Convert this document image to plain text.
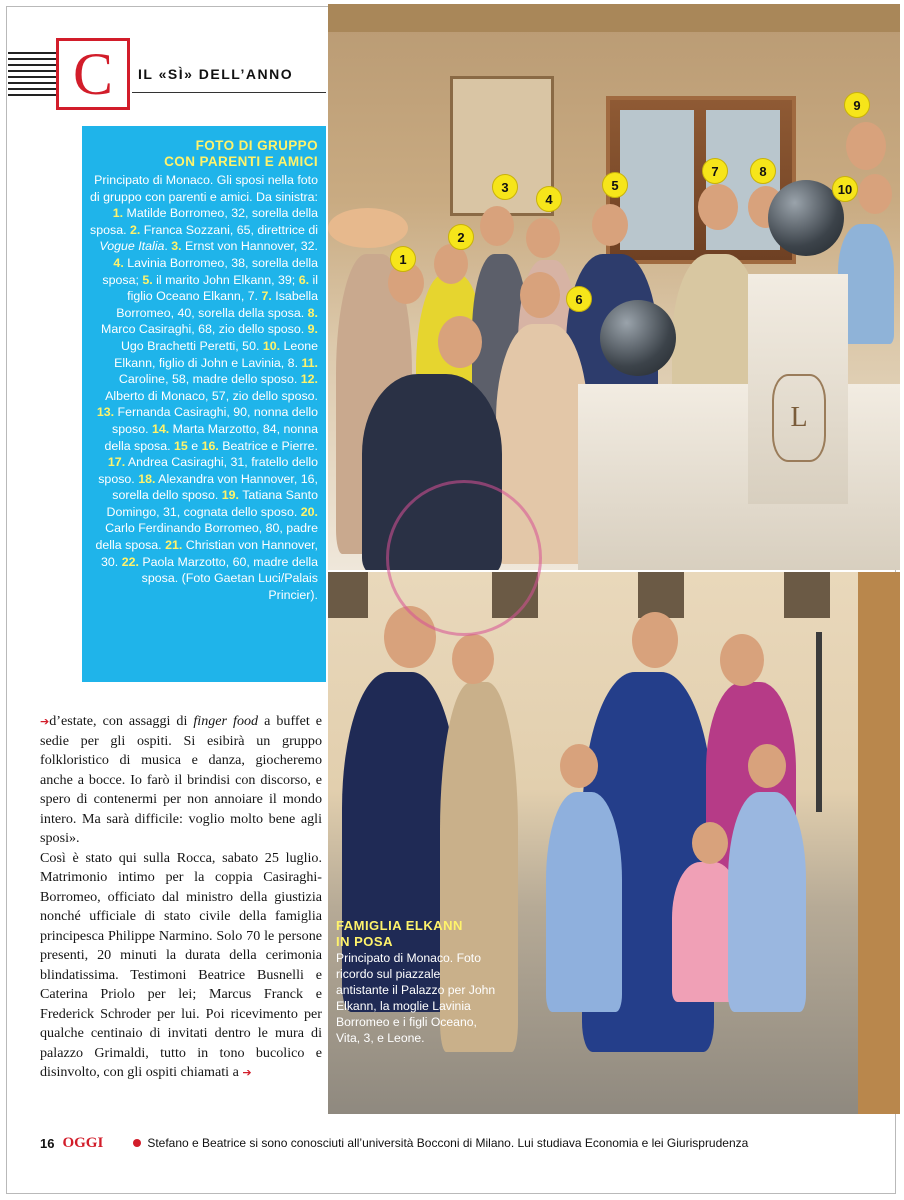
C IL «SÌ» DELL’ANNO
FOTO DI GRUPPO
CON PARENTI E AMICI
Principato di Monaco. Gli sposi nella foto di gruppo con parenti e amici. Da sinistra: 1. Matilde Borromeo, 32, sorella della sposa. 2. Franca Sozzani, 65, direttrice di Vogue Italia. 3. Ernst von Hannover, 32. 4. Lavinia Borromeo, 38, sorella della sposa; 5. il marito John Elkann, 39; 6. il figlio Oceano Elkann, 7. 7. Isabella Borromeo, 40, sorella della sposa. 8. Marco Casiraghi, 68, zio dello sposo. 9. Ugo Brachetti Peretti, 50. 10. Leone Elkann, figlio di John e Lavinia, 8. 11. Caroline, 58, madre dello sposo. 12. Alberto di Monaco, 57, zio dello sposo. 13. Fernanda Casiraghi, 90, nonna dello sposo. 14. Marta Marzotto, 84, nonna della sposa. 15 e 16. Beatrice e Pierre. 17. Andrea Casiraghi, 31, fratello dello sposo. 18. Alexandra von Hannover, 16, sorella dello sposo. 19. Tatiana Santo Domingo, 31, cognata dello sposo. 20. Carlo Ferdinando Borromeo, 80, padre della sposa. 21. Christian von Hannover, 30. 22. Paola Marzotto, 60, madre della sposa. (Foto Gaetan Luci/Palais Princier).

➔d’estate, con assaggi di finger food a buffet e sedie per gli ospiti. Si esibirà un gruppo folkloristico di musica e danza, giocheremo anche a bocce. Io farò il brindisi con discorso, e spero di contenermi per non annoiare il mondo intero. Ma sarà difficile: voglio molto bene agli sposi».

Così è stato qui sulla Rocca, sabato 25 luglio. Matrimonio intimo per la coppia Casiraghi-Borromeo, officiato dal ministro della giustizia nonché ufficiale di stato civile della famiglia principesca Philippe Narmino. Solo 70 le persone presenti, 20 minuti la durata della cerimonia blindatissima. Testimoni Beatrice Busnelli e Caterina Priolo per lei; Marcus Franck e Frederick Schroder per lui. Poi ricevimento per qualche centinaio di invitati dentro le mura di palazzo Grimaldi, tutto in tono bucolico e disinvolto, con gli ospiti chiamati a ➔

L
1
2
3
4
5
6
7	8
9
10
FAMIGLIA ELKANN
IN POSA
Principato di Monaco. Foto ricordo sul piazzale antistante il Palazzo per John Elkann, la moglie Lavinia Borromeo e i figli Oceano, Vita, 3, e Leone.
16 OGGI	Stefano e Beatrice si sono conosciuti all’università Bocconi di Milano. Lui studiava Economia e lei Giurisprudenza
